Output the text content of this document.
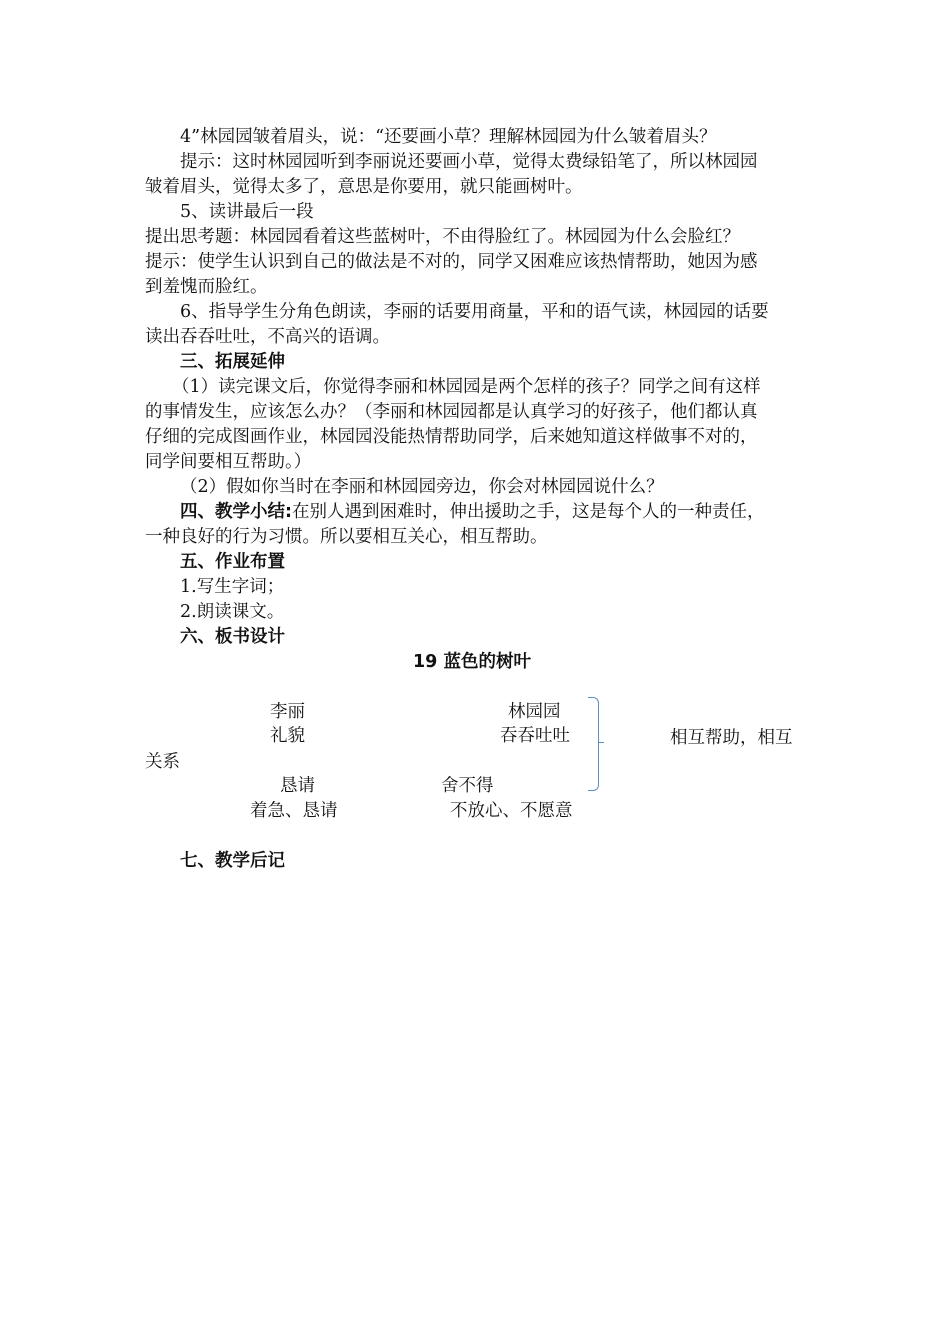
4”林园园皱着眉头，说：“还要画小草？理解林园园为什么皱着眉头？
提示：这时林园园听到李丽说还要画小草，觉得太费绿铅笔了，所以林园园
皱着眉头，觉得太多了，意思是你要用，就只能画树叶。
5、读讲最后一段
提出思考题：林园园看着这些蓝树叶，不由得脸红了。林园园为什么会脸红？
提示：使学生认识到自己的做法是不对的，同学又困难应该热情帮助，她因为感
到羞愧而脸红。
6、指导学生分角色朗读，李丽的话要用商量，平和的语气读，林园园的话要
读出吞吞吐吐，不高兴的语调。
三、拓展延伸
（1）读完课文后，你觉得李丽和林园园是两个怎样的孩子？同学之间有这样
的事情发生，应该怎么办？（李丽和林园园都是认真学习的好孩子，他们都认真
仔细的完成图画作业，林园园没能热情帮助同学，后来她知道这样做事不对的，
同学间要相互帮助。）
（2）假如你当时在李丽和林园园旁边，你会对林园园说什么？
四、教学小结:在别人遇到困难时，伸出援助之手，这是每个人的一种责任，
一种良好的行为习惯。所以要相互关心，相互帮助。
五、作业布置
1.写生字词；
2.朗读课文。
六、板书设计
19 蓝色的树叶
李丽	林园园
礼貌	吞吞吐吐	相互帮助，相互
关系
恳请	舍不得
着急、恳请	不放心、不愿意
七、教学后记
